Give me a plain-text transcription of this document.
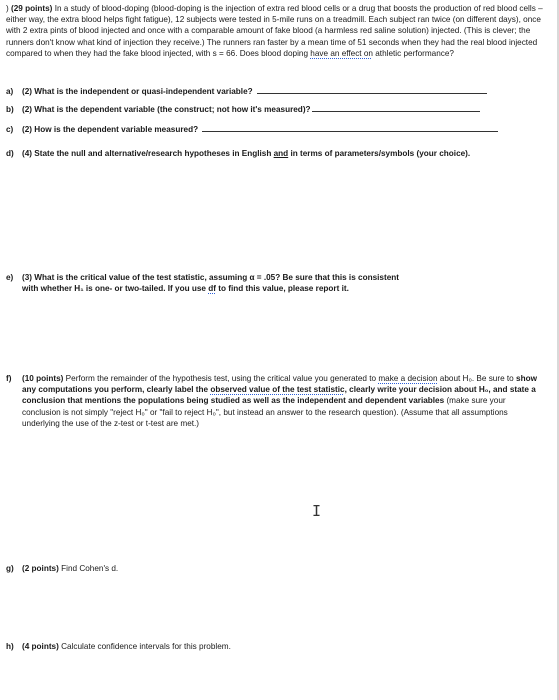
) (29 points) In a study of blood-doping (blood-doping is the injection of extra red blood cells or a drug that boosts the production of red blood cells – either way, the extra blood helps fight fatigue), 12 subjects were tested in 5-mile runs on a treadmill. Each subject ran twice (on different days), once with 2 extra pints of blood injected and once with a comparable amount of fake blood (a harmless red saline solution) injected. (This is clever; the runners don't know what kind of injection they receive.) The runners ran faster by a mean time of 51 seconds when they had the real blood injected compared to when they had the fake blood injected, with s = 66. Does blood doping have an effect on athletic performance?
a) (2) What is the independent or quasi-independent variable?
b) (2) What is the dependent variable (the construct; not how it's measured)?
c) (2) How is the dependent variable measured?
d) (4) State the null and alternative/research hypotheses in English and in terms of parameters/symbols (your choice).
e) (3) What is the critical value of the test statistic, assuming α = .05? Be sure that this is consistent
with whether H₁ is one- or two-tailed. If you use df to find this value, please report it.
f)	(10 points) Perform the remainder of the hypothesis test, using the critical value you generated to make a decision about H₀. Be sure to show any computations you perform, clearly label the observed value of the test statistic, clearly write your decision about H₀, and state a conclusion that mentions the populations being studied as well as the independent and dependent variables (make sure your conclusion is not simply "reject H₀" or "fail to reject H₀", but instead an answer to the research question). (Assume that all assumptions underlying the use of the z-test or t-test are met.)
I
g) (2 points) Find Cohen's d.
h) (4 points) Calculate confidence intervals for this problem.
